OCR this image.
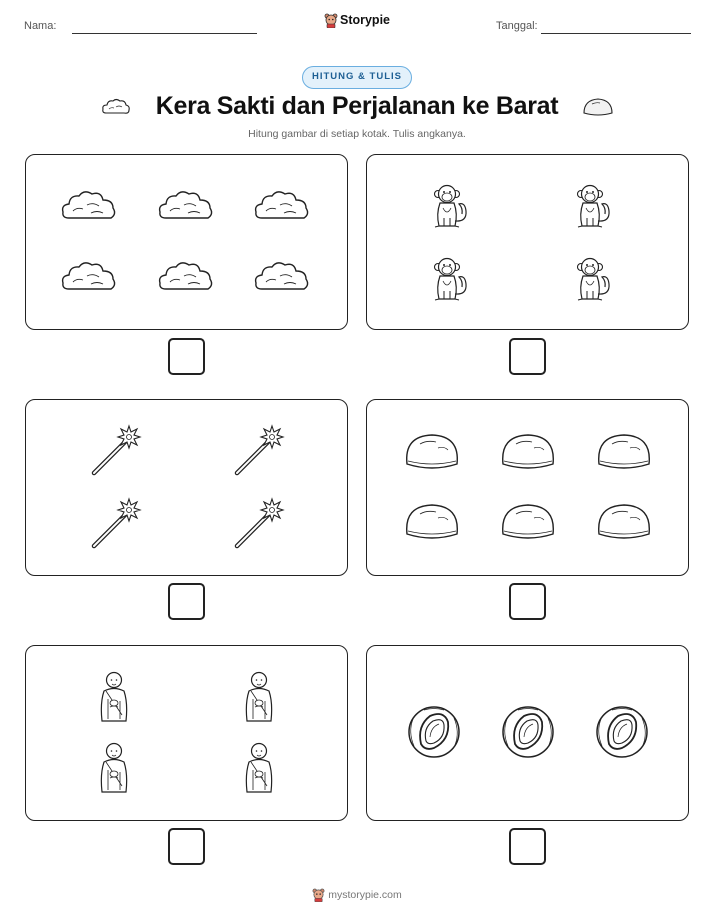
Nama:	Storypie	Tanggal:
HITUNG & TULIS
Kera Sakti dan Perjalanan ke Barat
Hitung gambar di setiap kotak. Tulis angkanya.
mystorypie.com
